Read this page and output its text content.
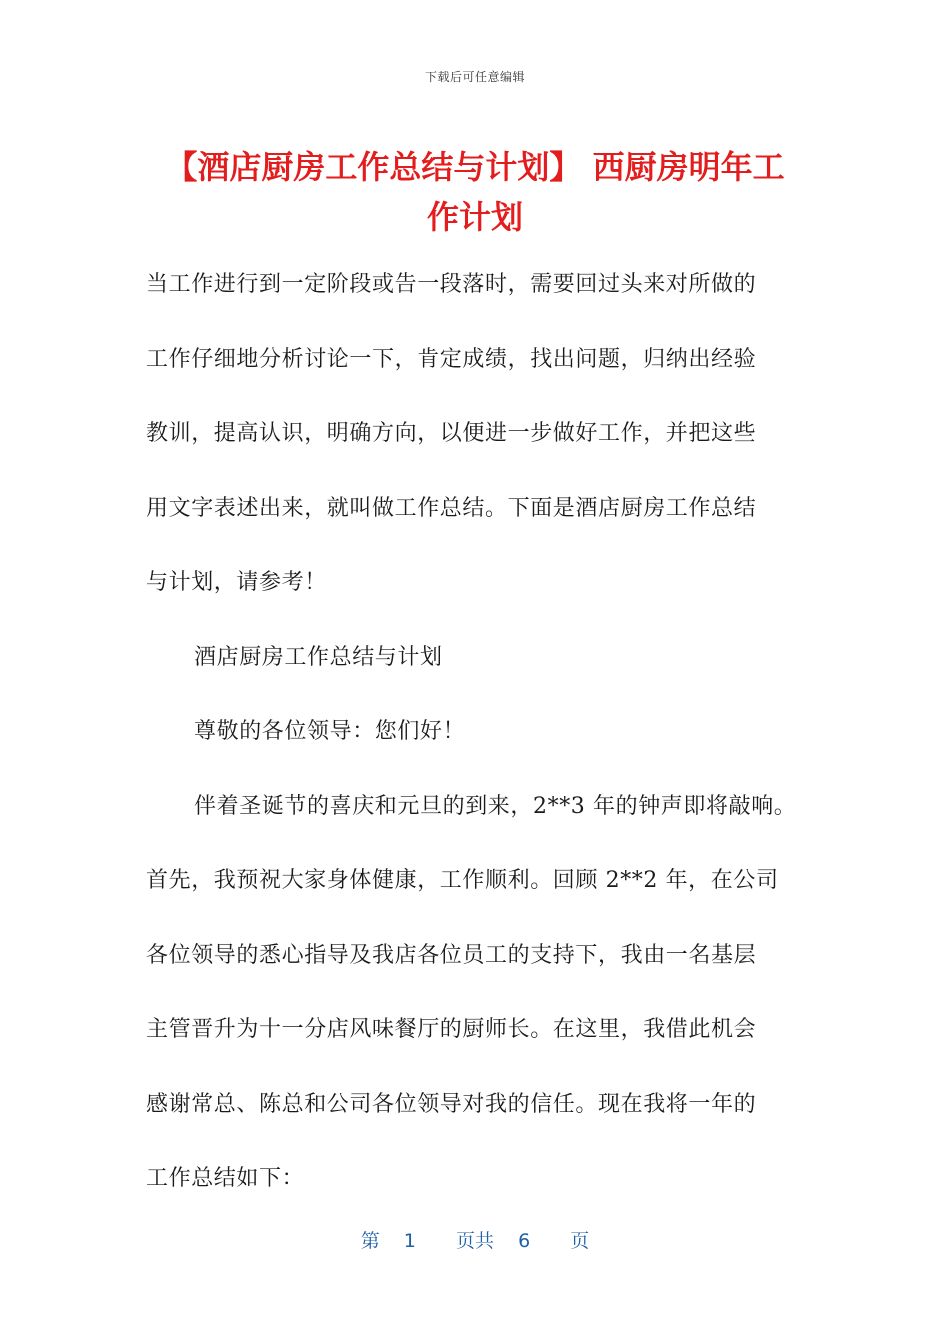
下载后可任意编辑
【酒店厨房工作总结与计划】 西厨房明年工
作计划

当工作进行到一定阶段或告一段落时，需要回过头来对所做的

工作仔细地分析讨论一下，肯定成绩，找出问题，归纳出经验

教训，提高认识，明确方向，以便进一步做好工作，并把这些

用文字表述出来，就叫做工作总结。下面是酒店厨房工作总结

与计划，请参考！

酒店厨房工作总结与计划

尊敬的各位领导：您们好！

伴着圣诞节的喜庆和元旦的到来，2**3 年的钟声即将敲响。

首先，我预祝大家身体健康，工作顺利。回顾 2**2 年，在公司

各位领导的悉心指导及我店各位员工的支持下，我由一名基层

主管晋升为十一分店风味餐厅的厨师长。在这里，我借此机会

感谢常总、陈总和公司各位领导对我的信任。现在我将一年的

工作总结如下：

第 1 页共 6 页
